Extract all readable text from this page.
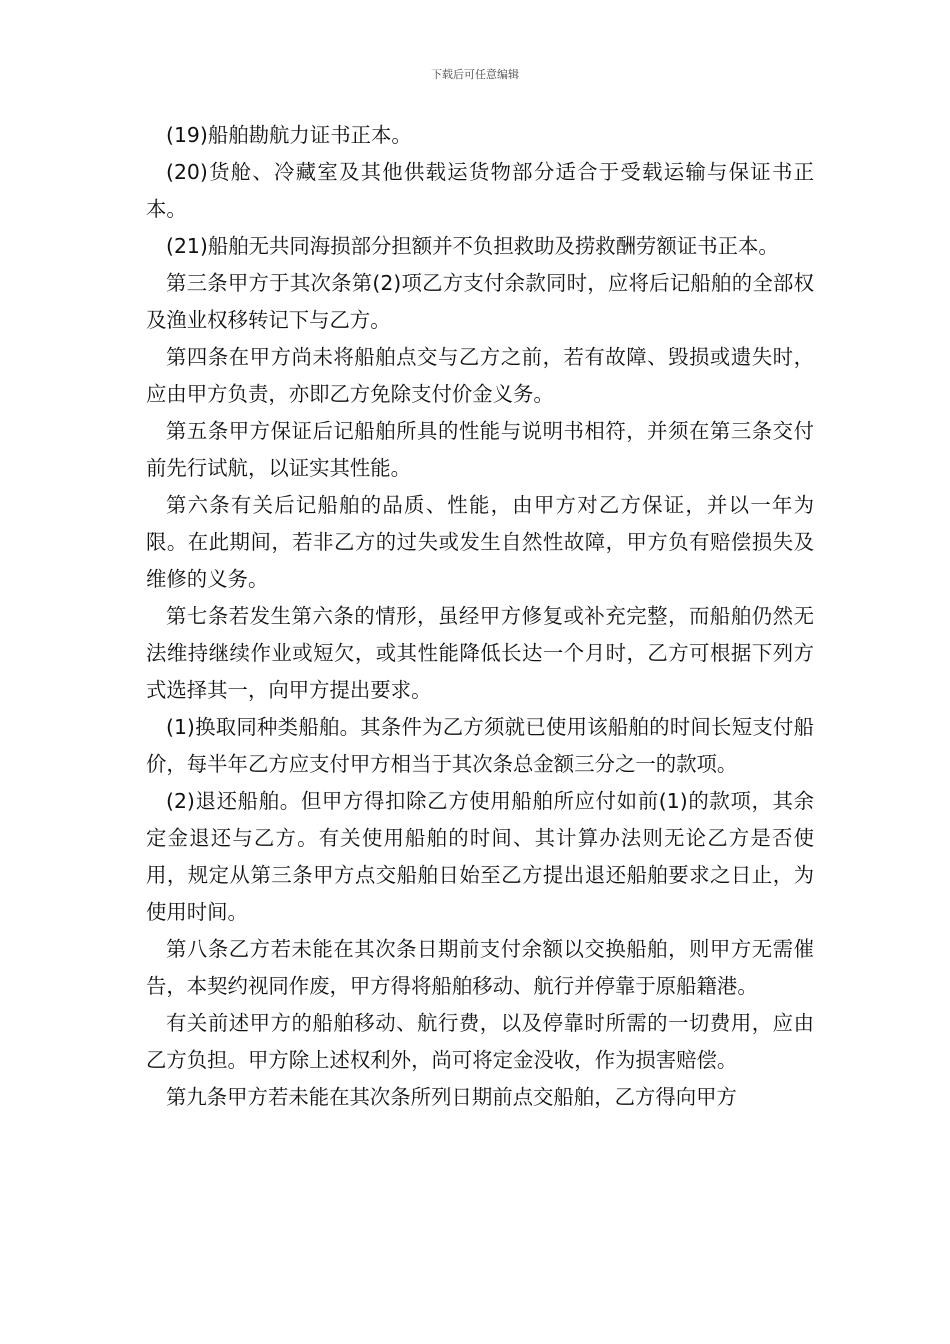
下载后可任意编辑

(19)船舶勘航力证书正本。

(20)货舱、冷藏室及其他供载运货物部分适合于受载运输与保证书正本。

(21)船舶无共同海损部分担额并不负担救助及捞救酬劳额证书正本。

第三条甲方于其次条第(2)项乙方支付余款同时，应将后记船舶的全部权及渔业权移转记下与乙方。

第四条在甲方尚未将船舶点交与乙方之前，若有故障、毁损或遗失时，应由甲方负责，亦即乙方免除支付价金义务。

第五条甲方保证后记船舶所具的性能与说明书相符，并须在第三条交付前先行试航，以证实其性能。

第六条有关后记船舶的品质、性能，由甲方对乙方保证，并以一年为限。在此期间，若非乙方的过失或发生自然性故障，甲方负有赔偿损失及维修的义务。

第七条若发生第六条的情形，虽经甲方修复或补充完整，而船舶仍然无法维持继续作业或短欠，或其性能降低长达一个月时，乙方可根据下列方式选择其一，向甲方提出要求。

(1)换取同种类船舶。其条件为乙方须就已使用该船舶的时间长短支付船价，每半年乙方应支付甲方相当于其次条总金额三分之一的款项。

(2)退还船舶。但甲方得扣除乙方使用船舶所应付如前(1)的款项，其余定金退还与乙方。有关使用船舶的时间、其计算办法则无论乙方是否使用，规定从第三条甲方点交船舶日始至乙方提出退还船舶要求之日止，为使用时间。

第八条乙方若未能在其次条日期前支付余额以交换船舶，则甲方无需催告，本契约视同作废，甲方得将船舶移动、航行并停靠于原船籍港。

有关前述甲方的船舶移动、航行费，以及停靠时所需的一切费用，应由乙方负担。甲方除上述权利外，尚可将定金没收，作为损害赔偿。

第九条甲方若未能在其次条所列日期前点交船舶，乙方得向甲方
